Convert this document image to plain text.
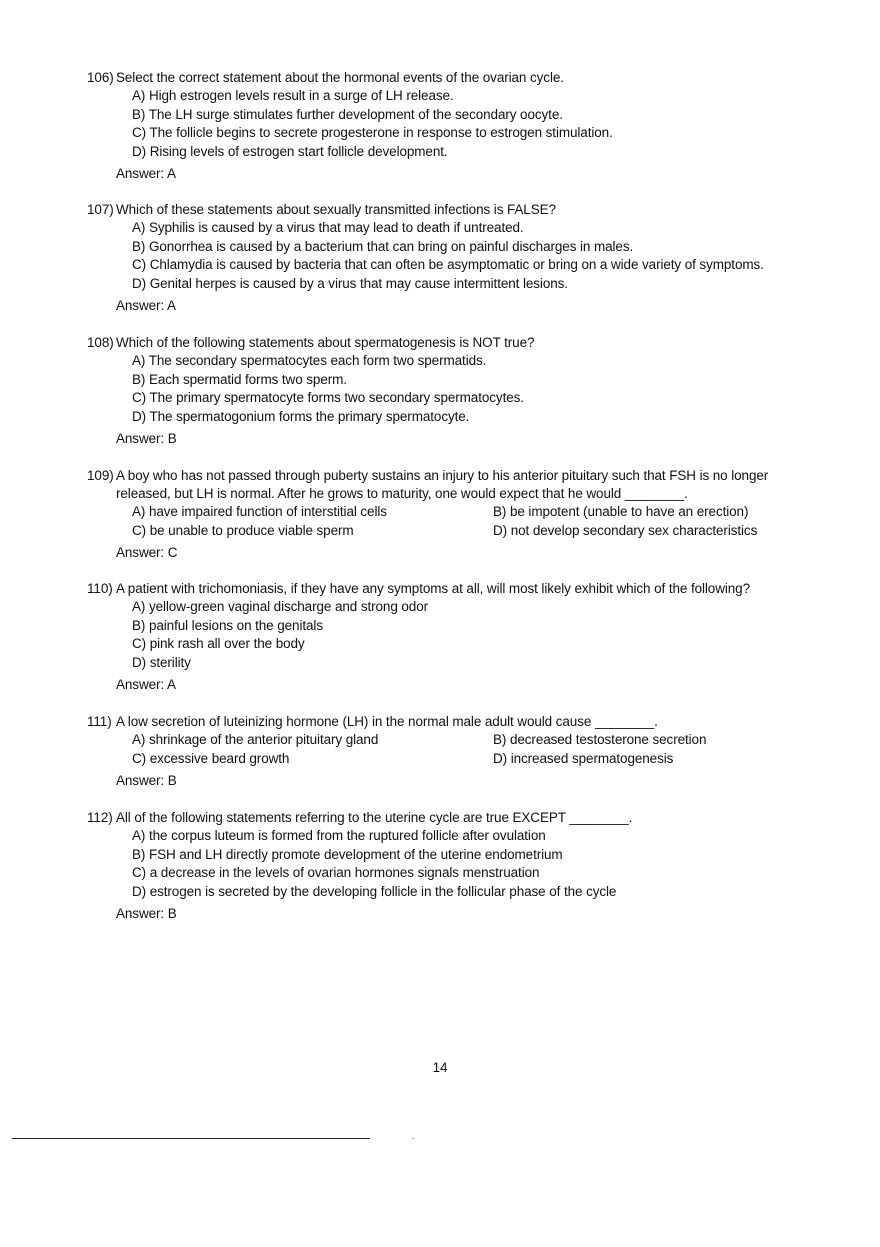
106) Select the correct statement about the hormonal events of the ovarian cycle.
A) High estrogen levels result in a surge of LH release.
B) The LH surge stimulates further development of the secondary oocyte.
C) The follicle begins to secrete progesterone in response to estrogen stimulation.
D) Rising levels of estrogen start follicle development.
Answer: A
107) Which of these statements about sexually transmitted infections is FALSE?
A) Syphilis is caused by a virus that may lead to death if untreated.
B) Gonorrhea is caused by a bacterium that can bring on painful discharges in males.
C) Chlamydia is caused by bacteria that can often be asymptomatic or bring on a wide variety of symptoms.
D) Genital herpes is caused by a virus that may cause intermittent lesions.
Answer: A
108) Which of the following statements about spermatogenesis is NOT true?
A) The secondary spermatocytes each form two spermatids.
B) Each spermatid forms two sperm.
C) The primary spermatocyte forms two secondary spermatocytes.
D) The spermatogonium forms the primary spermatocyte.
Answer: B
109) A boy who has not passed through puberty sustains an injury to his anterior pituitary such that FSH is no longer released, but LH is normal. After he grows to maturity, one would expect that he would ________.
A) have impaired function of interstitial cells	B) be impotent (unable to have an erection)
C) be unable to produce viable sperm	D) not develop secondary sex characteristics
Answer: C
110) A patient with trichomoniasis, if they have any symptoms at all, will most likely exhibit which of the following?
A) yellow-green vaginal discharge and strong odor
B) painful lesions on the genitals
C) pink rash all over the body
D) sterility
Answer: A
111) A low secretion of luteinizing hormone (LH) in the normal male adult would cause ________.
A) shrinkage of the anterior pituitary gland	B) decreased testosterone secretion
C) excessive beard growth	D) increased spermatogenesis
Answer: B
112) All of the following statements referring to the uterine cycle are true EXCEPT ________.
A) the corpus luteum is formed from the ruptured follicle after ovulation
B) FSH and LH directly promote development of the uterine endometrium
C) a decrease in the levels of ovarian hormones signals menstruation
D) estrogen is secreted by the developing follicle in the follicular phase of the cycle
Answer: B
14
.
